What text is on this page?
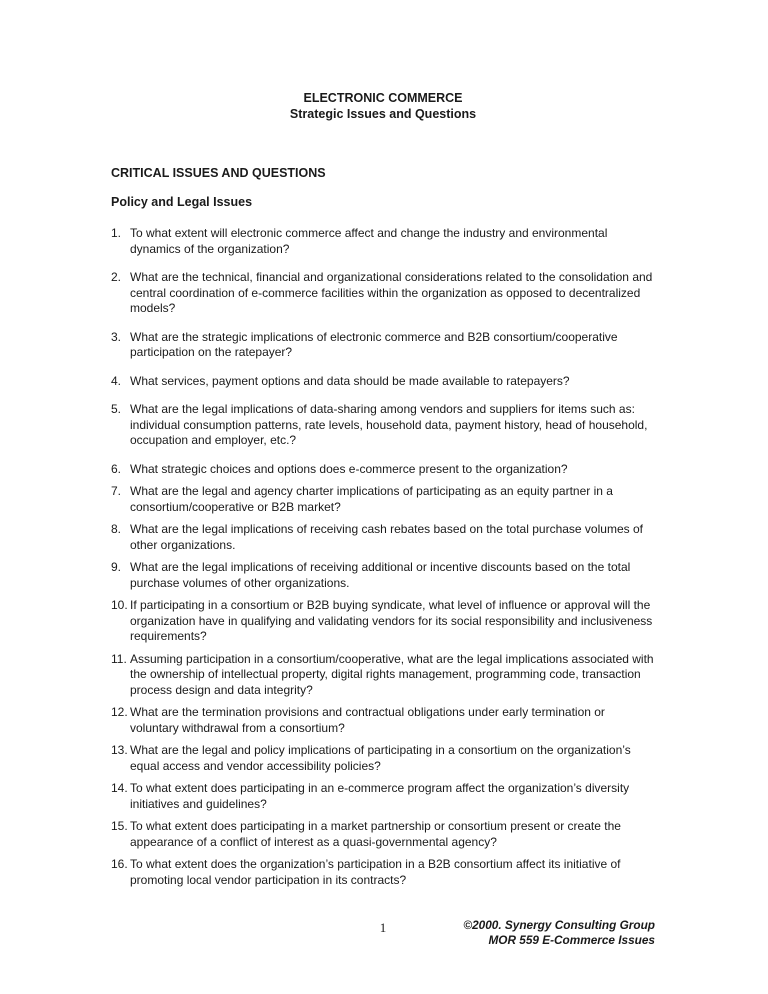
ELECTRONIC COMMERCE
Strategic Issues and Questions
CRITICAL ISSUES AND QUESTIONS
Policy and Legal Issues
1. To what extent will electronic commerce affect and change the industry and environmental dynamics of the organization?
2. What are the technical, financial and organizational considerations related to the consolidation and central coordination of e-commerce facilities within the organization as opposed to decentralized models?
3. What are the strategic implications of electronic commerce and B2B consortium/cooperative participation on the ratepayer?
4. What services, payment options and data should be made available to ratepayers?
5. What are the legal implications of data-sharing among vendors and suppliers for items such as: individual consumption patterns, rate levels, household data, payment history, head of household, occupation and employer, etc.?
6. What strategic choices and options does e-commerce present to the organization?
7. What are the legal and agency charter implications of participating as an equity partner in a consortium/cooperative or B2B market?
8. What are the legal implications of receiving cash rebates based on the total purchase volumes of other organizations.
9. What are the legal implications of receiving additional or incentive discounts based on the total purchase volumes of other organizations.
10. If participating in a consortium or B2B buying syndicate, what level of influence or approval will the organization have in qualifying and validating vendors for its social responsibility and inclusiveness requirements?
11. Assuming participation in a consortium/cooperative, what are the legal implications associated with the ownership of intellectual property, digital rights management, programming code, transaction process design and data integrity?
12. What are the termination provisions and contractual obligations under early termination or voluntary withdrawal from a consortium?
13. What are the legal and policy implications of participating in a consortium on the organization’s equal access and vendor accessibility policies?
14. To what extent does participating in an e-commerce program affect the organization’s diversity initiatives and guidelines?
15. To what extent does participating in a market partnership or consortium present or create the appearance of a conflict of interest as a quasi-governmental agency?
16. To what extent does the organization’s participation in a B2B consortium affect its initiative of promoting local vendor participation in its contracts?
1	©2000. Synergy Consulting Group
MOR 559 E-Commerce Issues
